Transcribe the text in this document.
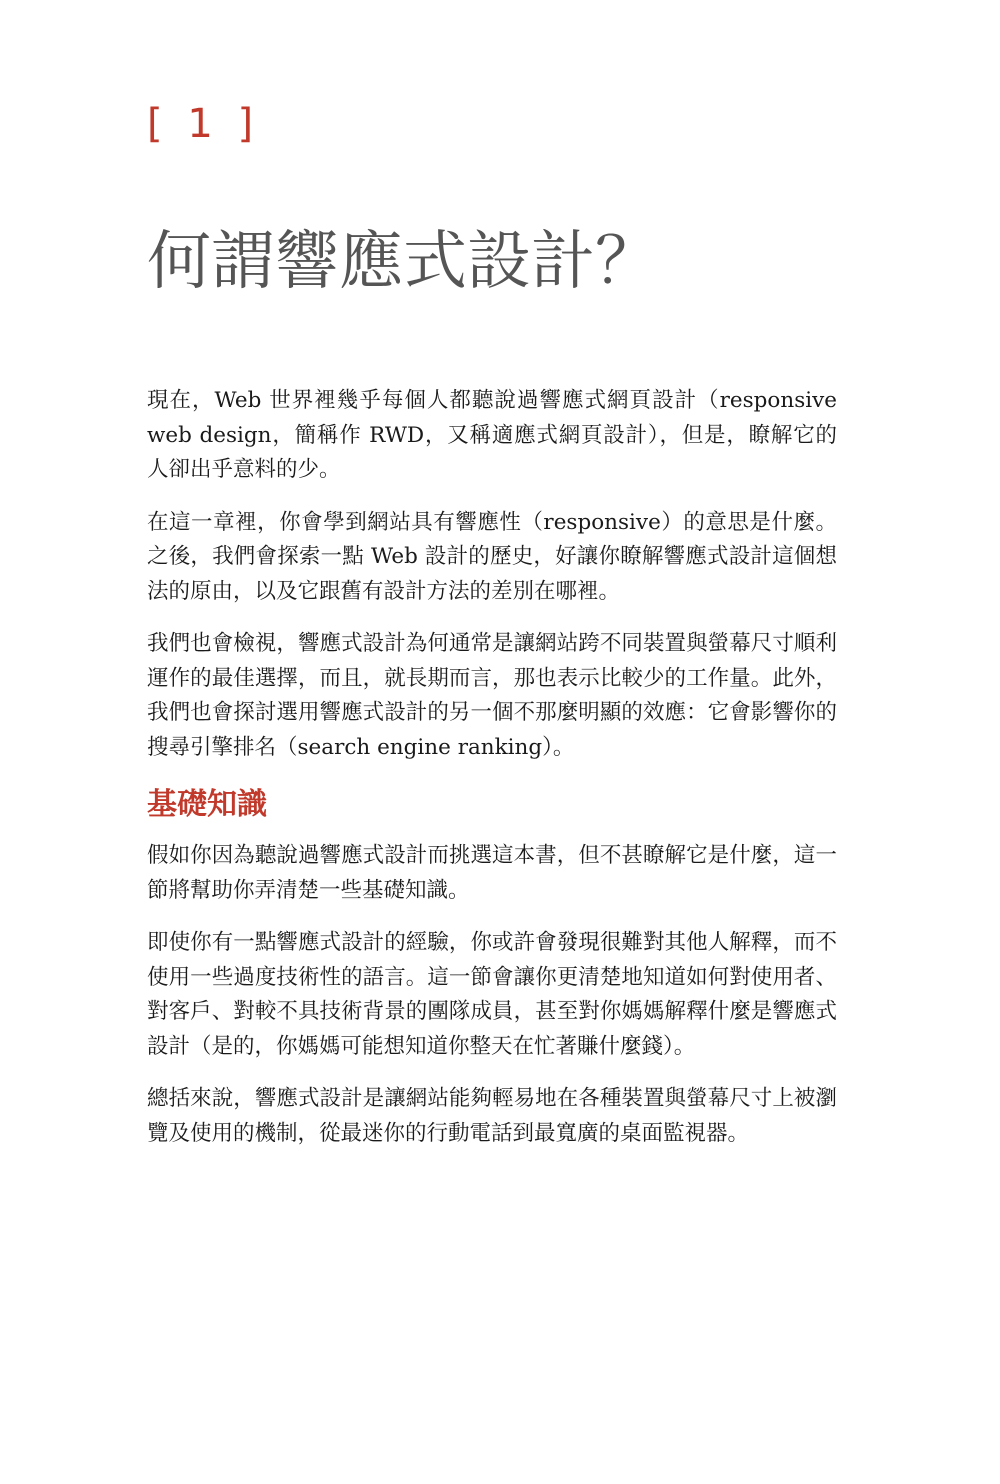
[ 1 ]
何謂響應式設計？

現在，Web 世界裡幾乎每個人都聽說過響應式網頁設計（responsive web design，簡稱作 RWD，又稱適應式網頁設計），但是，瞭解它的人卻出乎意料的少。

在這一章裡，你會學到網站具有響應性（responsive）的意思是什麼。之後，我們會探索一點 Web 設計的歷史，好讓你瞭解響應式設計這個想法的原由，以及它跟舊有設計方法的差別在哪裡。

我們也會檢視，響應式設計為何通常是讓網站跨不同裝置與螢幕尺寸順利運作的最佳選擇，而且，就長期而言，那也表示比較少的工作量。此外，我們也會探討選用響應式設計的另一個不那麼明顯的效應：它會影響你的搜尋引擎排名（search engine ranking）。

基礎知識

假如你因為聽說過響應式設計而挑選這本書，但不甚瞭解它是什麼，這一節將幫助你弄清楚一些基礎知識。

即使你有一點響應式設計的經驗，你或許會發現很難對其他人解釋，而不使用一些過度技術性的語言。這一節會讓你更清楚地知道如何對使用者、對客戶、對較不具技術背景的團隊成員，甚至對你媽媽解釋什麼是響應式設計（是的，你媽媽可能想知道你整天在忙著賺什麼錢）。

總括來說，響應式設計是讓網站能夠輕易地在各種裝置與螢幕尺寸上被瀏覽及使用的機制，從最迷你的行動電話到最寬廣的桌面監視器。
